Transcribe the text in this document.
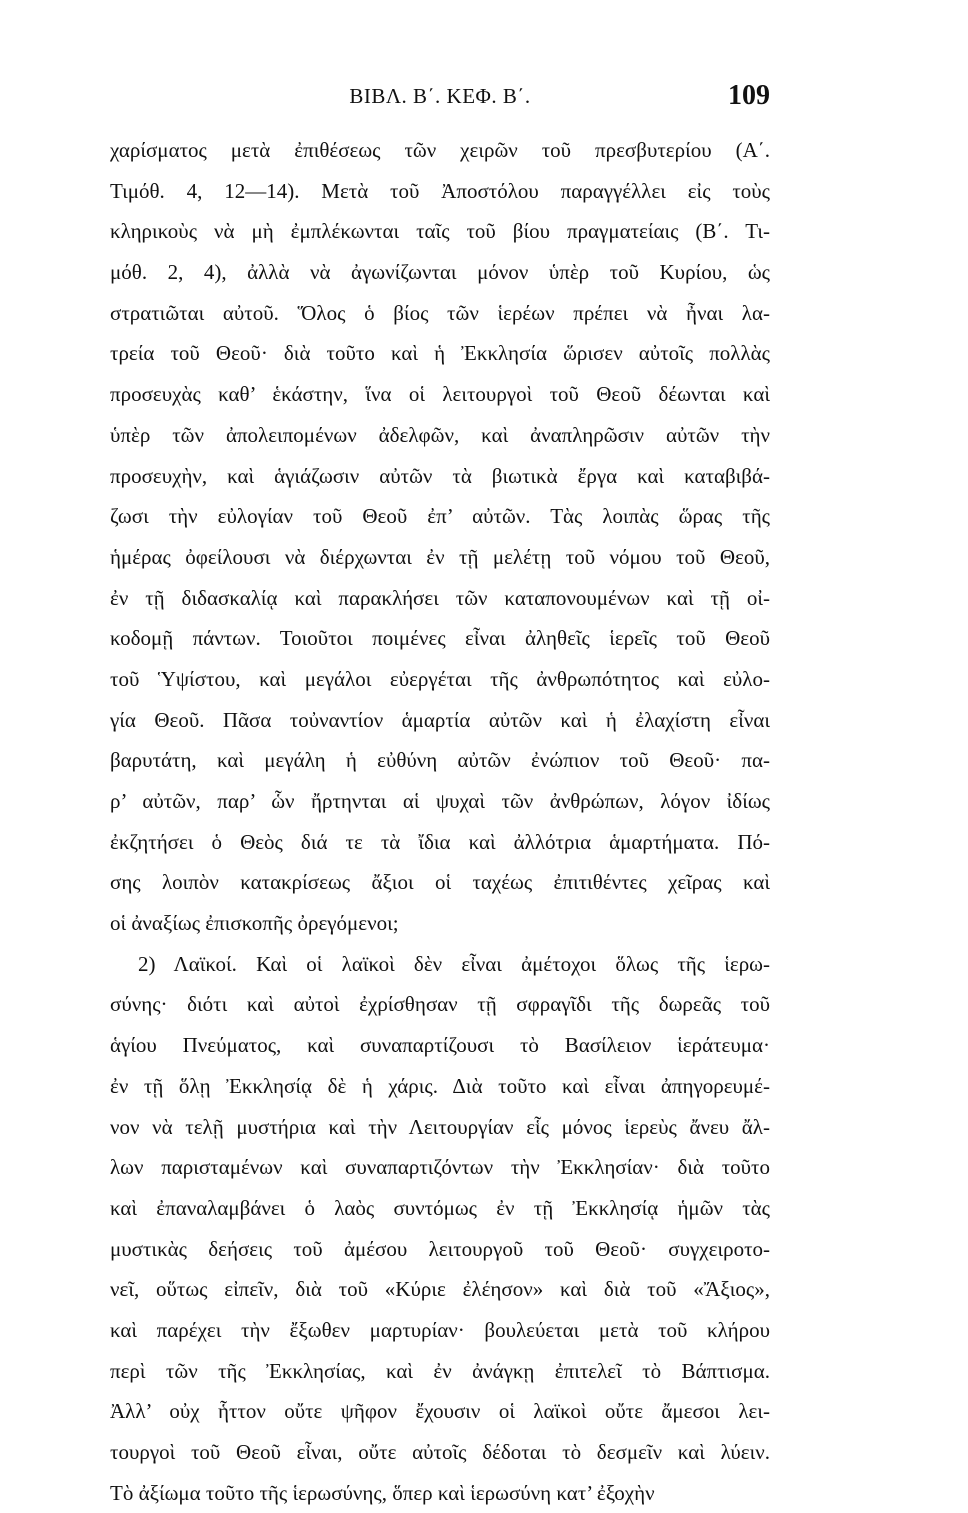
ΒΙΒΛ. Β΄. ΚΕΦ. Β΄.	109
χαρίσματος μετὰ ἐπιθέσεως τῶν χειρῶν τοῦ πρεσβυτερίου (Α΄.
Τιμόθ. 4, 12—14). Μετὰ τοῦ Ἀποστόλου παραγγέλλει εἰς τοὺς
κληρικοὺς νὰ μὴ ἐμπλέκωνται ταῖς τοῦ βίου πραγματείαις (Β΄. Τι-
μόθ. 2, 4), ἀλλὰ νὰ ἀγωνίζωνται μόνον ὑπὲρ τοῦ Κυρίου, ὡς
στρατιῶται αὐτοῦ. Ὅλος ὁ βίος τῶν ἱερέων πρέπει νὰ ἦναι λα-
τρεία τοῦ Θεοῦ· διὰ τοῦτο καὶ ἡ Ἐκκλησία ὥρισεν αὐτοῖς πολλὰς
προσευχὰς καθ’ ἑκάστην, ἵνα οἱ λειτουργοὶ τοῦ Θεοῦ δέωνται καὶ
ὑπὲρ τῶν ἀπολειπομένων ἀδελφῶν, καὶ ἀναπληρῶσιν αὐτῶν τὴν
προσευχὴν, καὶ ἁγιάζωσιν αὐτῶν τὰ βιωτικὰ ἔργα καὶ καταβιβά-
ζωσι τὴν εὐλογίαν τοῦ Θεοῦ ἐπ’ αὐτῶν. Τὰς λοιπὰς ὥρας τῆς
ἡμέρας ὀφείλουσι νὰ διέρχωνται ἐν τῇ μελέτῃ τοῦ νόμου τοῦ Θεοῦ,
ἐν τῇ διδασκαλίᾳ καὶ παρακλήσει τῶν καταπονουμένων καὶ τῇ οἰ-
κοδομῇ πάντων. Τοιοῦτοι ποιμένες εἶναι ἀληθεῖς ἱερεῖς τοῦ Θεοῦ
τοῦ Ὑψίστου, καὶ μεγάλοι εὐεργέται τῆς ἀνθρωπότητος καὶ εὐλο-
γία Θεοῦ. Πᾶσα τοὐναντίον ἁμαρτία αὐτῶν καὶ ἡ ἐλαχίστη εἶναι
βαρυτάτη, καὶ μεγάλη ἡ εὐθύνη αὐτῶν ἐνώπιον τοῦ Θεοῦ· πα-
ρ’ αὐτῶν, παρ’ ὧν ἤρτηνται αἱ ψυχαὶ τῶν ἀνθρώπων, λόγον ἰδίως
ἐκζητήσει ὁ Θεὸς διά τε τὰ ἴδια καὶ ἀλλότρια ἁμαρτήματα. Πό-
σης λοιπὸν κατακρίσεως ἄξιοι οἱ ταχέως ἐπιτιθέντες χεῖρας καὶ
οἱ ἀναξίως ἐπισκοπῆς ὀρεγόμενοι;
2) Λαϊκοί. Καὶ οἱ λαϊκοὶ δὲν εἶναι ἀμέτοχοι ὅλως τῆς ἱερω-
σύνης· διότι καὶ αὐτοὶ ἐχρίσθησαν τῇ σφραγῖδι τῆς δωρεᾶς τοῦ
ἁγίου Πνεύματος, καὶ συναπαρτίζουσι τὸ Βασίλειον ἱεράτευμα·
ἐν τῇ ὅλῃ Ἐκκλησίᾳ δὲ ἡ χάρις. Διὰ τοῦτο καὶ εἶναι ἀπηγορευμέ-
νον νὰ τελῇ μυστήρια καὶ τὴν Λειτουργίαν εἷς μόνος ἱερεὺς ἄνευ ἄλ-
λων παρισταμένων καὶ συναπαρτιζόντων τὴν Ἐκκλησίαν· διὰ τοῦτο
καὶ ἐπαναλαμβάνει ὁ λαὸς συντόμως ἐν τῇ Ἐκκλησίᾳ ἡμῶν τὰς
μυστικὰς δεήσεις τοῦ ἀμέσου λειτουργοῦ τοῦ Θεοῦ· συγχειροτο-
νεῖ, οὕτως εἰπεῖν, διὰ τοῦ «Κύριε ἐλέησον» καὶ διὰ τοῦ «Ἄξιος»,
καὶ παρέχει τὴν ἔξωθεν μαρτυρίαν· βουλεύεται μετὰ τοῦ κλήρου
περὶ τῶν τῆς Ἐκκλησίας, καὶ ἐν ἀνάγκῃ ἐπιτελεῖ τὸ Βάπτισμα.
Ἀλλ’ οὐχ ἧττον οὔτε ψῆφον ἔχουσιν οἱ λαϊκοὶ οὔτε ἄμεσοι λει-
τουργοὶ τοῦ Θεοῦ εἶναι, οὔτε αὐτοῖς δέδοται τὸ δεσμεῖν καὶ λύειν.
Τὸ ἀξίωμα τοῦτο τῆς ἱερωσύνης, ὅπερ καὶ ἱερωσύνη κατ’ ἐξοχὴν
